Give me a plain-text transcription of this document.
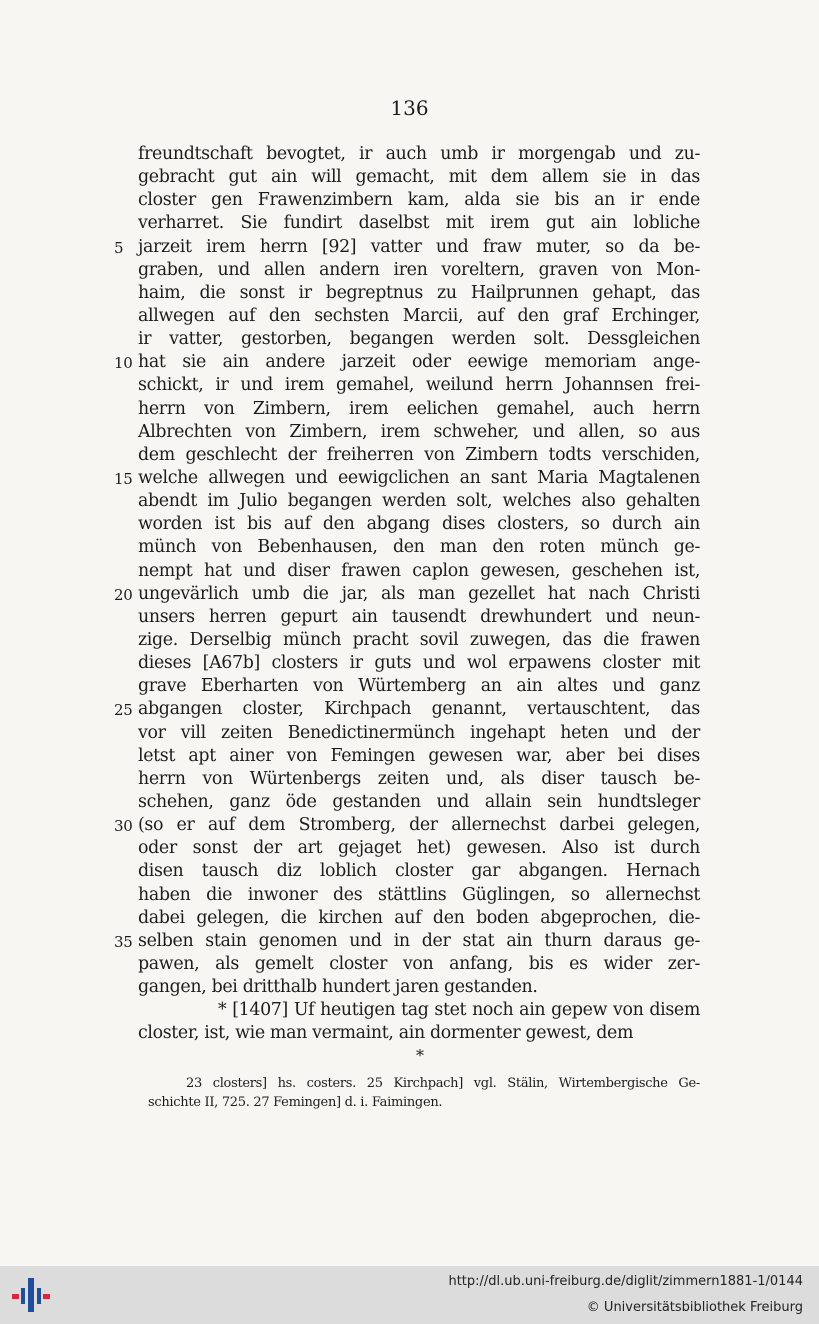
136
freundtschaft bevogtet, ir auch umb ir morgengab und zu-
gebracht gut ain will gemacht, mit dem allem sie in das
closter gen Frawenzimbern kam, alda sie bis an ir ende
verharret. Sie fundirt daselbst mit irem gut ain lobliche
5 jarzeit irem herrn [92] vatter und fraw muter, so da be-
graben, und allen andern iren voreltern, graven von Mon-
haim, die sonst ir begreptnus zu Hailprunnen gehapt, das
allwegen auf den sechsten Marcii, auf den graf Erchinger,
ir vatter, gestorben, begangen werden solt. Dessgleichen
10 hat sie ain andere jarzeit oder eewige memoriam ange-
schickt, ir und irem gemahel, weilund herrn Johannsen frei-
herrn von Zimbern, irem eelichen gemahel, auch herrn
Albrechten von Zimbern, irem schweher, und allen, so aus
dem geschlecht der freiherren von Zimbern todts verschiden,
15 welche allwegen und eewigclichen an sant Maria Magtalenen
abendt im Julio begangen werden solt, welches also gehalten
worden ist bis auf den abgang dises closters, so durch ain
münch von Bebenhausen, den man den roten münch ge-
nempt hat und diser frawen caplon gewesen, geschehen ist,
20 ungevärlich umb die jar, als man gezellet hat nach Christi
unsers herren gepurt ain tausendt drewhundert und neun-
zige. Derselbig münch pracht sovil zuwegen, das die frawen
dieses [A67b] closters ir guts und wol erpawens closter mit
grave Eberharten von Würtemberg an ain altes und ganz
25 abgangen closter, Kirchpach genannt, vertauschtent, das
vor vill zeiten Benedictinermünch ingehapt heten und der
letst apt ainer von Femingen gewesen war, aber bei dises
herrn von Würtenbergs zeiten und, als diser tausch be-
schehen, ganz öde gestanden und allain sein hundtsleger
30 (so er auf dem Stromberg, der allernechst darbei gelegen,
oder sonst der art gejaget het) gewesen. Also ist durch
disen tausch diz loblich closter gar abgangen. Hernach
haben die inwoner des stättlins Güglingen, so allernechst
dabei gelegen, die kirchen auf den boden abgeprochen, die-
35 selben stain genomen und in der stat ain thurn daraus ge-
pawen, als gemelt closter von anfang, bis es wider zer-
gangen, bei dritthalb hundert jaren gestanden.
* [1407] Uf heutigen tag stet noch ain gepew von disem
closter, ist, wie man vermaint, ain dormenter gewest, dem
*
23 closters] hs. costers. 25 Kirchpach] vgl. Stälin, Wirtembergische Ge-
schichte II, 725. 27 Femingen] d. i. Faimingen.
http://dl.ub.uni-freiburg.de/diglit/zimmern1881-1/0144
© Universitätsbibliothek Freiburg
